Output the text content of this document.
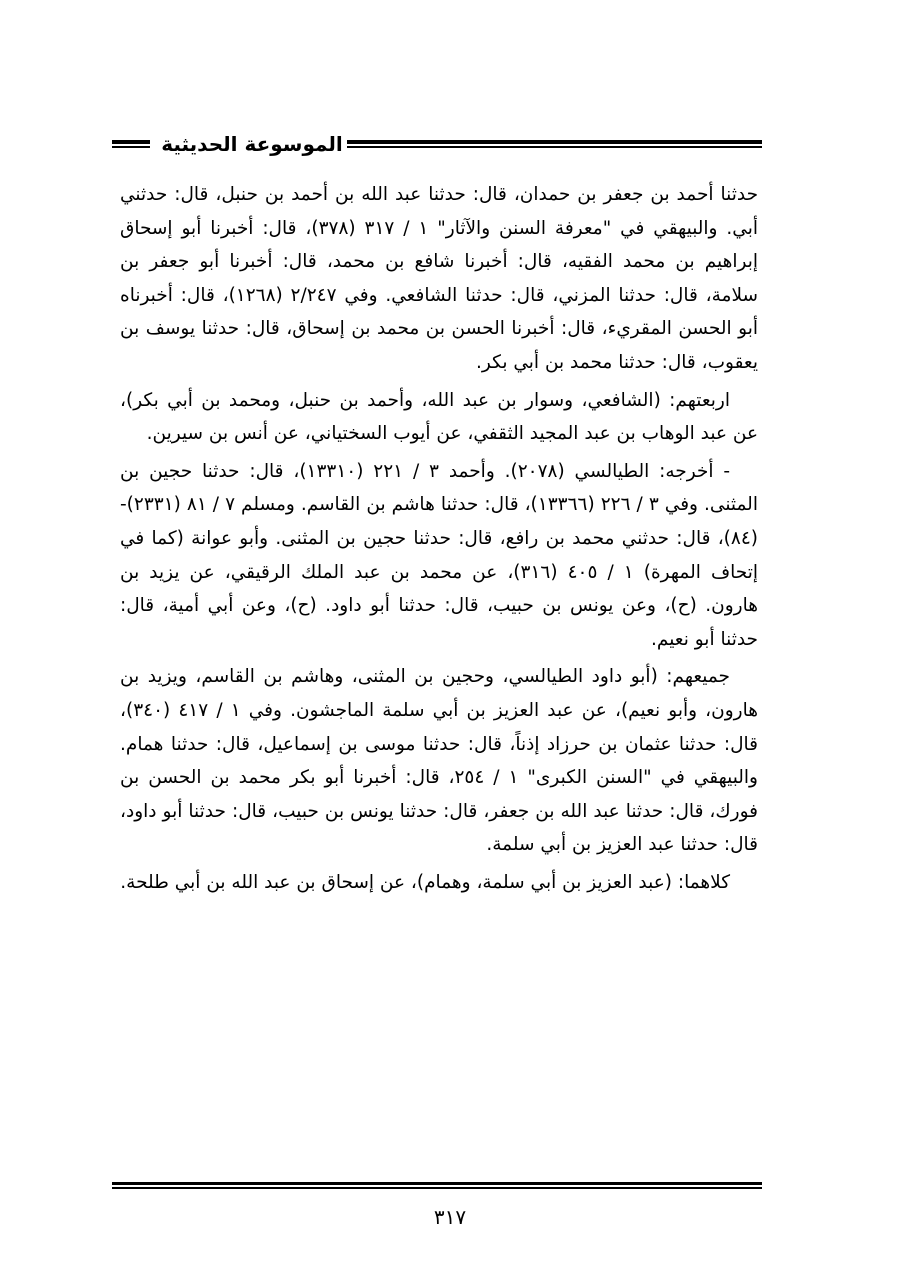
الموسوعة الحديثية

حدثنا أحمد بن جعفر بن حمدان، قال: حدثنا عبد الله بن أحمد بن حنبل، قال: حدثني أبي. والبيهقي في "معرفة السنن والآثار" ١ / ٣١٧ (٣٧٨)، قال: أخبرنا أبو إسحاق إبراهيم بن محمد الفقيه، قال: أخبرنا شافع بن محمد، قال: أخبرنا أبو جعفر بن سلامة، قال: حدثنا المزني، قال: حدثنا الشافعي. وفي ٢/٢٤٧ (١٢٦٨)، قال: أخبرناه أبو الحسن المقريء، قال: أخبرنا الحسن بن محمد بن إسحاق، قال: حدثنا يوسف بن يعقوب، قال: حدثنا محمد بن أبي بكر.

اربعتهم: (الشافعي، وسوار بن عبد الله، وأحمد بن حنبل، ومحمد بن أبي بكر)، عن عبد الوهاب بن عبد المجيد الثقفي، عن أيوب السختياني، عن أنس بن سيرين.

- أخرجه: الطيالسي (٢٠٧٨). وأحمد ٣ / ٢٢١ (١٣٣١٠)، قال: حدثنا حجين بن المثنى. وفي ٣ / ٢٢٦ (١٣٣٦٦)، قال: حدثنا هاشم بن القاسم. ومسلم ٧ / ٨١ (٢٣٣١)-(٨٤)، قال: حدثني محمد بن رافع، قال: حدثنا حجين بن المثنى. وأبو عوانة (كما في إتحاف المهرة) ١ / ٤٠٥ (٣١٦)، عن محمد بن عبد الملك الرقيقي، عن يزيد بن هارون. (ح)، وعن يونس بن حبيب، قال: حدثنا أبو داود. (ح)، وعن أبي أمية، قال: حدثنا أبو نعيم.

جميعهم: (أبو داود الطيالسي، وحجين بن المثنى، وهاشم بن القاسم، ويزيد بن هارون، وأبو نعيم)، عن عبد العزيز بن أبي سلمة الماجشون. وفي ١ / ٤١٧ (٣٤٠)، قال: حدثنا عثمان بن حرزاد إذناً، قال: حدثنا موسى بن إسماعيل، قال: حدثنا همام. والبيهقي في "السنن الكبرى" ١ / ٢٥٤، قال: أخبرنا أبو بكر محمد بن الحسن بن فورك، قال: حدثنا عبد الله بن جعفر، قال: حدثنا يونس بن حبيب، قال: حدثنا أبو داود، قال: حدثنا عبد العزيز بن أبي سلمة.

كلاهما: (عبد العزيز بن أبي سلمة، وهمام)، عن إسحاق بن عبد الله بن أبي طلحة.

٣١٧
